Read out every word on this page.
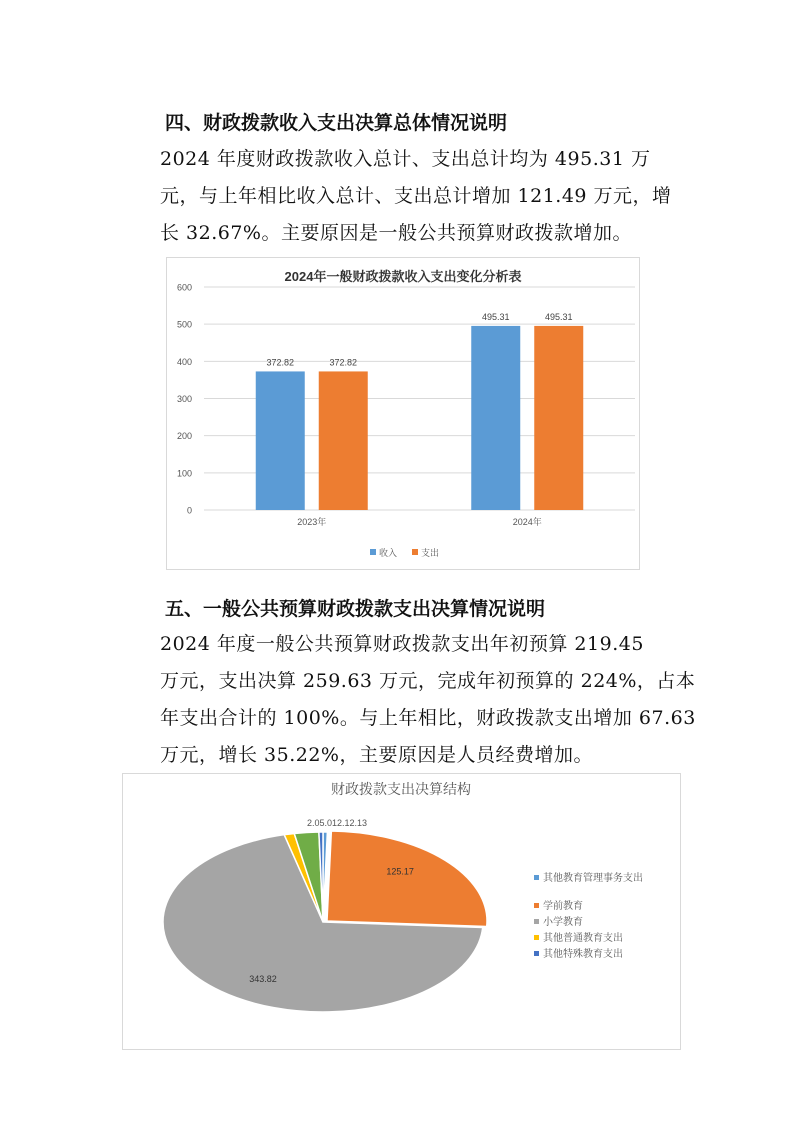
四、财政拨款收入支出决算总体情况说明
2024 年度财政拨款收入总计、支出总计均为 495.31 万
元，与上年相比收入总计、支出总计增加 121.49 万元，增
长 32.67%。主要原因是一般公共预算财政拨款增加。
2024年一般财政拨款收入支出变化分析表
0
100
200
300
400
500
600
372.82	372.82
495.31	495.31
2023年	2024年
收入	支出
五、一般公共预算财政拨款支出决算情况说明
2024 年度一般公共预算财政拨款支出年初预算 219.45
万元，支出决算 259.63 万元，完成年初预算的 224%，占本
年支出合计的 100%。与上年相比，财政拨款支出增加 67.63
万元，增长 35.22%，主要原因是人员经费增加。
财政拨款支出决算结构
125.17
343.82
2.05.012.12.13
其他教育管理事务支出
学前教育
小学教育
其他普通教育支出
其他特殊教育支出
